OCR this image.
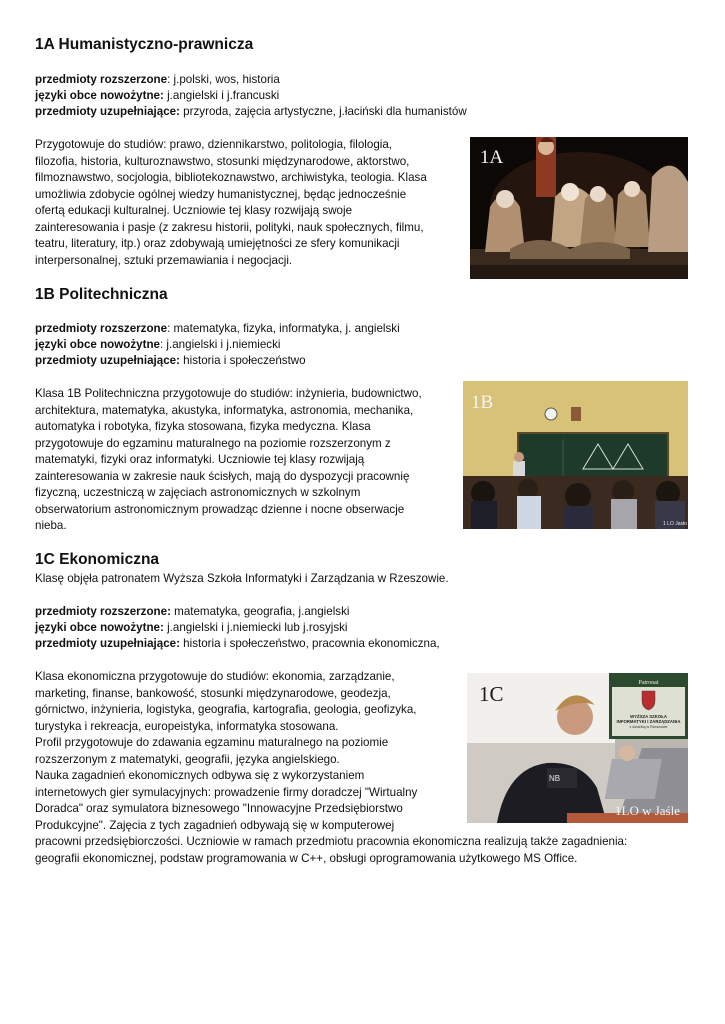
1A Humanistyczno-prawnicza

przedmioty rozszerzone: j.polski, wos, historia

języki obce nowożytne: j.angielski i j.francuski

przedmioty uzupełniające: przyroda, zajęcia artystyczne, j.łaciński dla humanistów

Przygotowuje do studiów: prawo, dziennikarstwo, politologia, filologia,
filozofia, historia, kulturoznawstwo, stosunki międzynarodowe, aktorstwo,
filmoznawstwo, socjologia, bibliotekoznawstwo, archiwistyka, teologia. Klasa
umożliwia zdobycie ogólnej wiedzy humanistycznej, będąc jednocześnie
ofertą edukacji kulturalnej. Uczniowie tej klasy rozwijają swoje
zainteresowania i pasje (z zakresu historii, polityki, nauk społecznych, filmu,
teatru, literatury, itp.) oraz zdobywają umiejętności ze sfery komunikacji
interpersonalnej, sztuki przemawiania i negocjacji.
1A
1B Politechniczna

przedmioty rozszerzone: matematyka, fizyka, informatyka, j. angielski

języki obce nowożytne: j.angielski i j.niemiecki

przedmioty uzupełniające: historia i społeczeństwo

Klasa 1B Politechniczna przygotowuje do studiów: inżynieria, budownictwo,
architektura, matematyka, akustyka, informatyka, astronomia, mechanika,
automatyka i robotyka, fizyka stosowana, fizyka medyczna. Klasa
przygotowuje do egzaminu maturalnego na poziomie rozszerzonym z
matematyki, fizyki oraz informatyki. Uczniowie tej klasy rozwijają
zainteresowania w zakresie nauk ścisłych, mają do dyspozycji pracownię
fizyczną, uczestniczą w zajęciach astronomicznych w szkolnym
obserwatorium astronomicznym prowadząc dzienne i nocne obserwacje
nieba.
1B
1 LO Jasło
1C Ekonomiczna

Klasę objęła patronatem Wyższa Szkoła Informatyki i Zarządzania w Rzeszowie.

przedmioty rozszerzone: matematyka, geografia, j.angielski

języki obce nowożytne: j.angielski i j.niemiecki lub j.rosyjski

przedmioty uzupełniające: historia i społeczeństwo, pracownia ekonomiczna,

Klasa ekonomiczna przygotowuje do studiów: ekonomia, zarządzanie,
marketing, finanse, bankowość, stosunki międzynarodowe, geodezja,
górnictwo, inżynieria, logistyka, geografia, kartografia, geologia, geofizyka,
turystyka i rekreacja, europeistyka, informatyka stosowana.
Profil przygotowuje do zdawania egzaminu maturalnego na poziomie
rozszerzonym z matematyki, geografii, języka angielskiego.
Nauka zagadnień ekonomicznych odbywa się z wykorzystaniem
internetowych gier symulacyjnych: prowadzenie firmy doradczej "Wirtualny
Doradca" oraz symulatora biznesowego "Innowacyjne Przedsiębiorstwo
Produkcyjne". Zajęcia z tych zagadnień odbywają się w komputerowej
pracowni przedsiębiorczości. Uczniowie w ramach przedmiotu pracownia ekonomiczna realizują także zagadnienia:
geografii ekonomicznej, podstaw programowania w C++, obsługi oprogramowania użytkowego MS Office.
NB
Patronat
WYŻSZA SZKOŁA
INFORMATYKI I ZARZĄDZANIA
z siedzibą w Rzeszowie
1C
1LO w Jaśle
